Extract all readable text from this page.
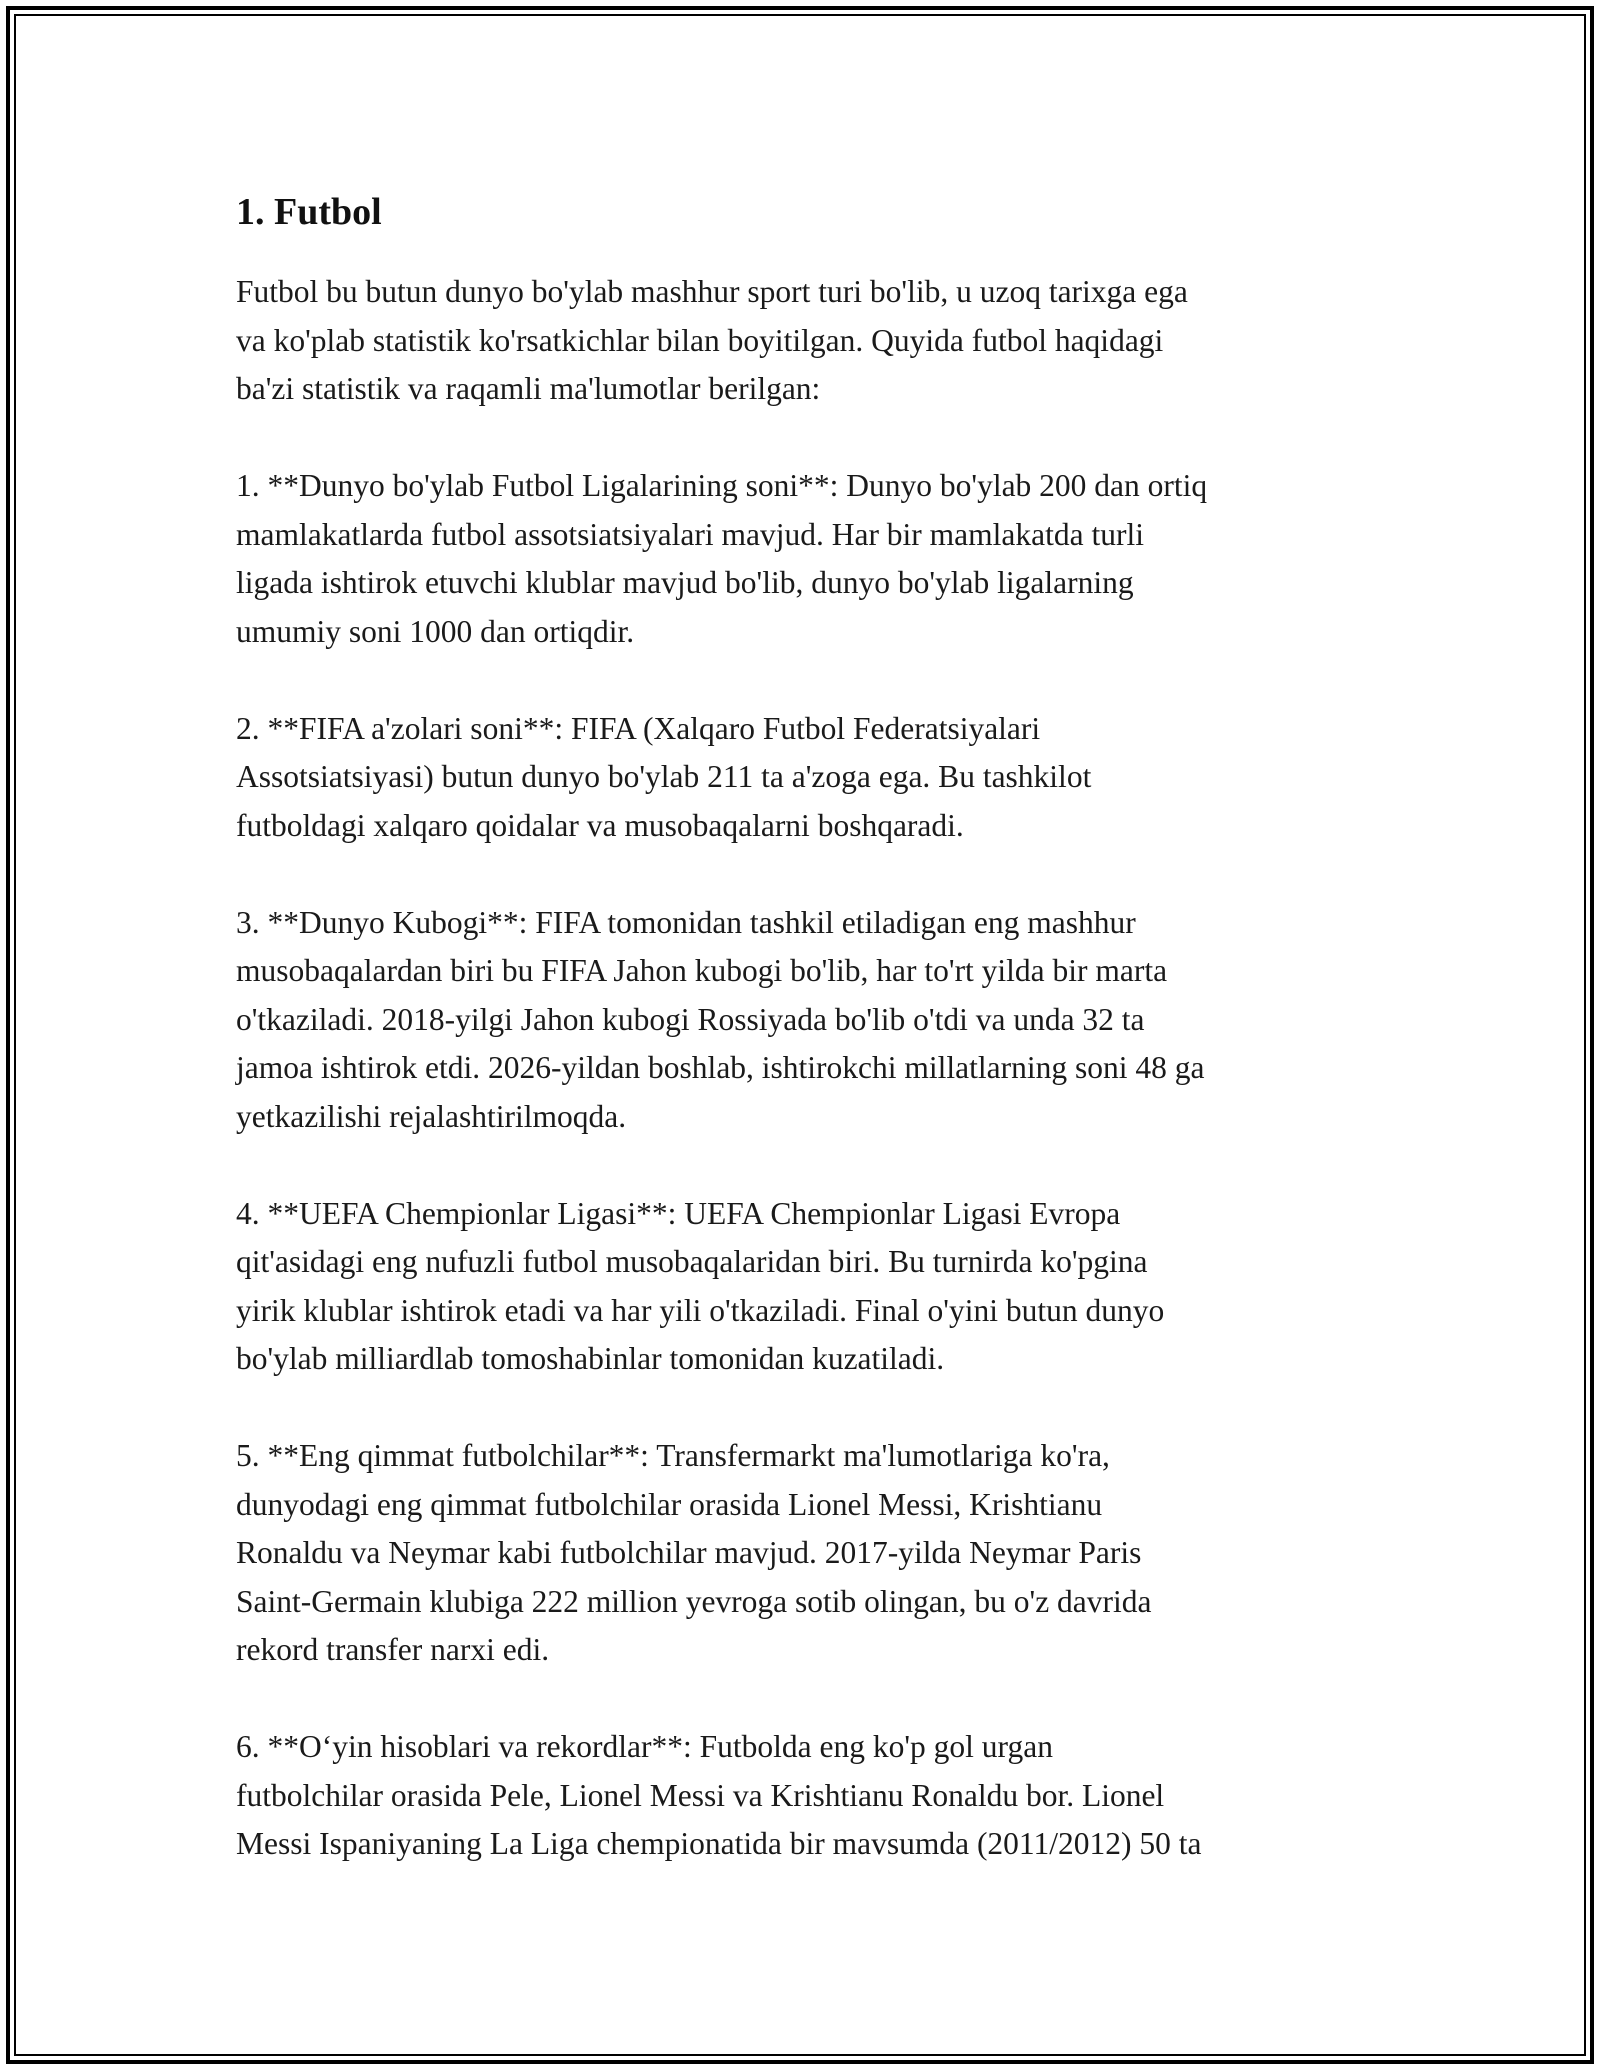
1. Futbol

Futbol bu butun dunyo bo'ylab mashhur sport turi bo'lib, u uzoq tarixga ega
va ko'plab statistik ko'rsatkichlar bilan boyitilgan. Quyida futbol haqidagi
ba'zi statistik va raqamli ma'lumotlar berilgan:

1. **Dunyo bo'ylab Futbol Ligalarining soni**: Dunyo bo'ylab 200 dan ortiq
mamlakatlarda futbol assotsiatsiyalari mavjud. Har bir mamlakatda turli
ligada ishtirok etuvchi klublar mavjud bo'lib, dunyo bo'ylab ligalarning
umumiy soni 1000 dan ortiqdir.

2. **FIFA a'zolari soni**: FIFA (Xalqaro Futbol Federatsiyalari
Assotsiatsiyasi) butun dunyo bo'ylab 211 ta a'zoga ega. Bu tashkilot
futboldagi xalqaro qoidalar va musobaqalarni boshqaradi.

3. **Dunyo Kubogi**: FIFA tomonidan tashkil etiladigan eng mashhur
musobaqalardan biri bu FIFA Jahon kubogi bo'lib, har to'rt yilda bir marta
o'tkaziladi. 2018-yilgi Jahon kubogi Rossiyada bo'lib o'tdi va unda 32 ta
jamoa ishtirok etdi. 2026-yildan boshlab, ishtirokchi millatlarning soni 48 ga
yetkazilishi rejalashtirilmoqda.

4. **UEFA Chempionlar Ligasi**: UEFA Chempionlar Ligasi Evropa
qit'asidagi eng nufuzli futbol musobaqalaridan biri. Bu turnirda ko'pgina
yirik klublar ishtirok etadi va har yili o'tkaziladi. Final o'yini butun dunyo
bo'ylab milliardlab tomoshabinlar tomonidan kuzatiladi.

5. **Eng qimmat futbolchilar**: Transfermarkt ma'lumotlariga ko'ra,
dunyodagi eng qimmat futbolchilar orasida Lionel Messi, Krishtianu
Ronaldu va Neymar kabi futbolchilar mavjud. 2017-yilda Neymar Paris
Saint-Germain klubiga 222 million yevroga sotib olingan, bu o'z davrida
rekord transfer narxi edi.

6. **O‘yin hisoblari va rekordlar**: Futbolda eng ko'p gol urgan
futbolchilar orasida Pele, Lionel Messi va Krishtianu Ronaldu bor. Lionel
Messi Ispaniyaning La Liga chempionatida bir mavsumda (2011/2012) 50 ta
